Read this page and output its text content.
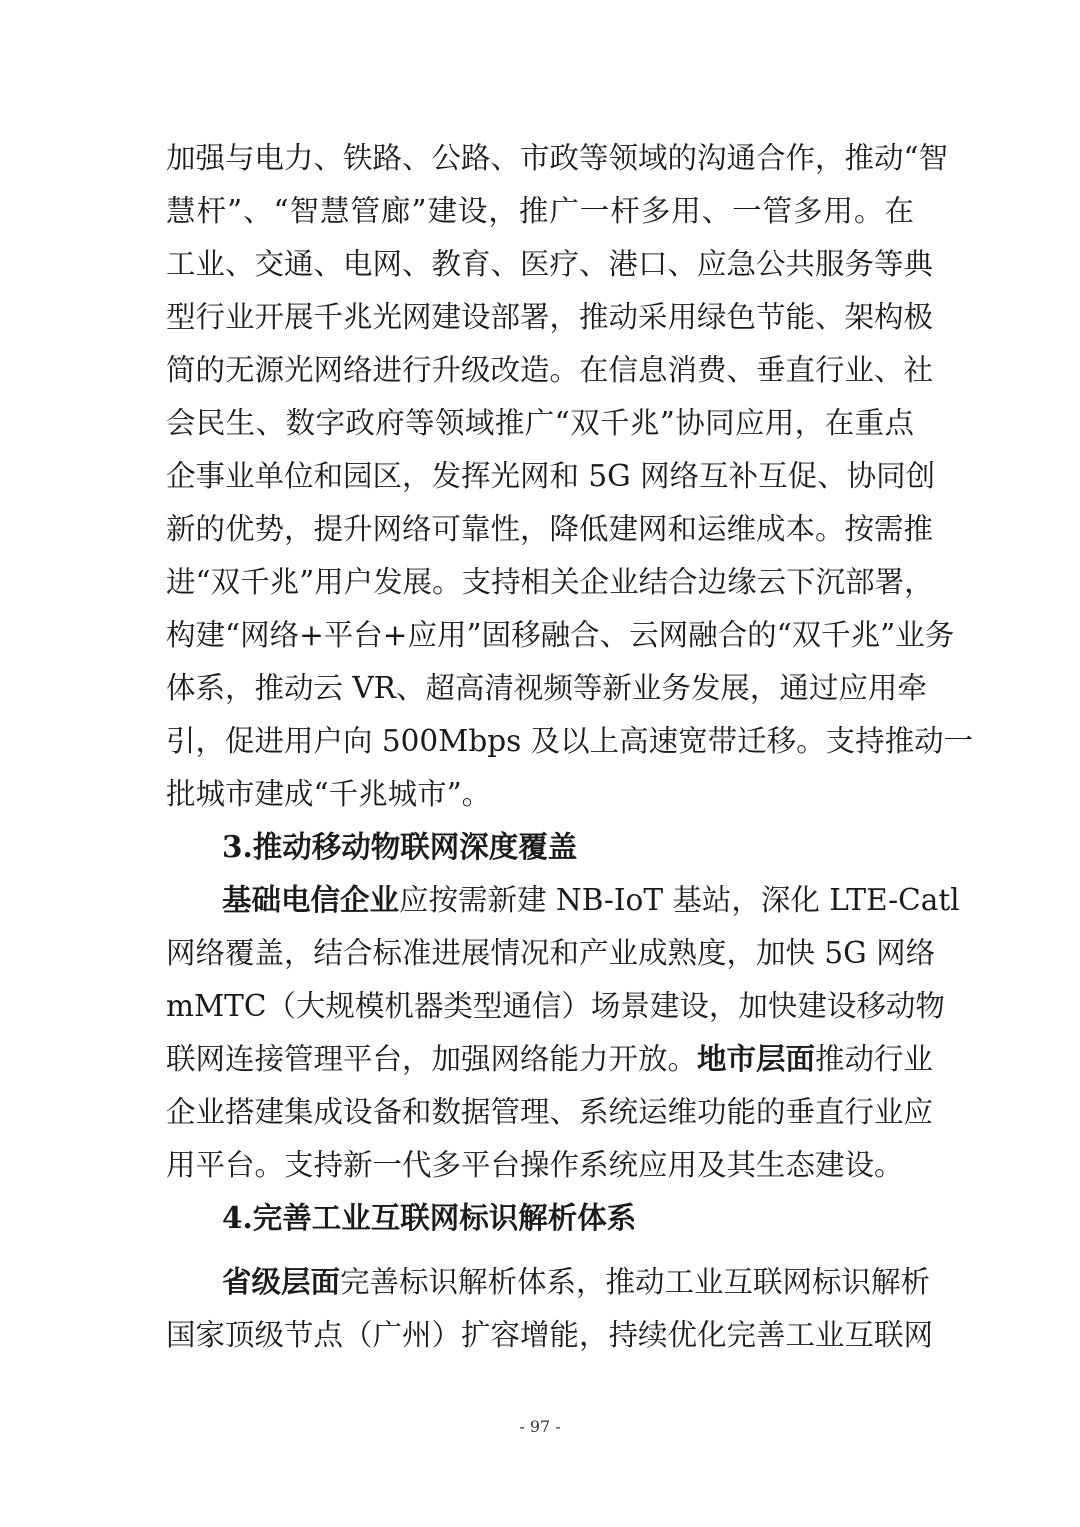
加强与电力、铁路、公路、市政等领域的沟通合作，推动“智
慧杆”、“智慧管廊”建设，推广一杆多用、一管多用。在
工业、交通、电网、教育、医疗、港口、应急公共服务等典
型行业开展千兆光网建设部署，推动采用绿色节能、架构极
简的无源光网络进行升级改造。在信息消费、垂直行业、社
会民生、数字政府等领域推广“双千兆”协同应用，在重点
企事业单位和园区，发挥光网和 5G 网络互补互促、协同创
新的优势，提升网络可靠性，降低建网和运维成本。按需推
进“双千兆”用户发展。支持相关企业结合边缘云下沉部署，
构建“网络+平台+应用”固移融合、云网融合的“双千兆”业务
体系，推动云 VR、超高清视频等新业务发展，通过应用牵
引，促进用户向 500Mbps 及以上高速宽带迁移。支持推动一
批城市建成“千兆城市”。
3.推动移动物联网深度覆盖
基础电信企业应按需新建 NB-IoT 基站，深化 LTE-Catl
网络覆盖，结合标准进展情况和产业成熟度，加快 5G 网络
mMTC（大规模机器类型通信）场景建设，加快建设移动物
联网连接管理平台，加强网络能力开放。地市层面推动行业
企业搭建集成设备和数据管理、系统运维功能的垂直行业应
用平台。支持新一代多平台操作系统应用及其生态建设。
4.完善工业互联网标识解析体系
省级层面完善标识解析体系，推动工业互联网标识解析
国家顶级节点（广州）扩容增能，持续优化完善工业互联网
- 97 -
